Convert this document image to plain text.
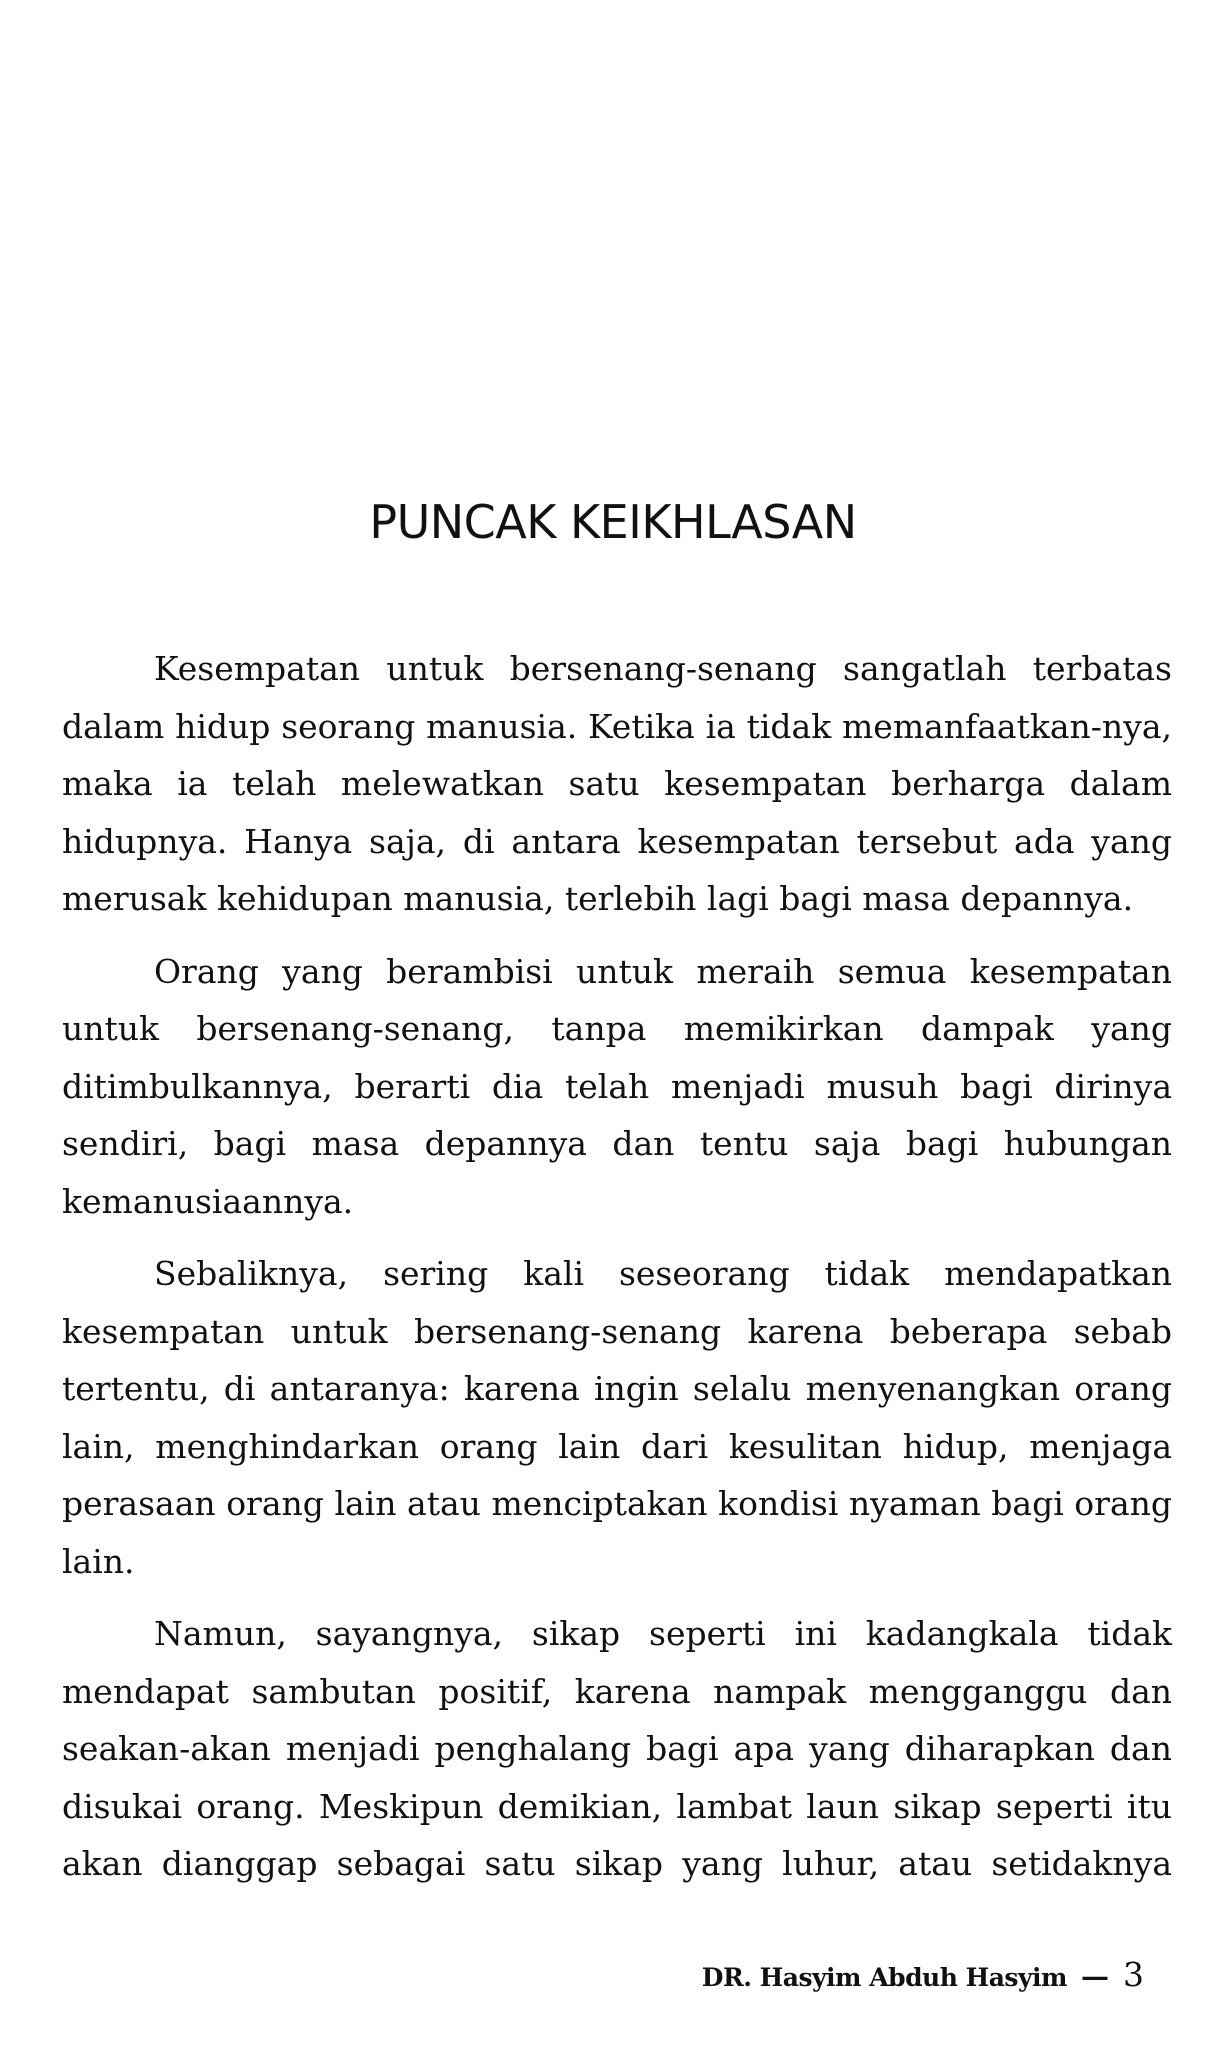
PUNCAK KEIKHLASAN

Kesempatan untuk bersenang-senang sangatlah terbatas dalam hidup seorang manusia. Ketika ia tidak memanfaatkan-nya, maka ia telah melewatkan satu kesempatan berharga dalam hidupnya. Hanya saja, di antara kesempatan tersebut ada yang merusak kehidupan manusia, terlebih lagi bagi masa depannya.

Orang yang berambisi untuk meraih semua kesempatan untuk bersenang-senang, tanpa memikirkan dampak yang ditimbulkannya, berarti dia telah menjadi musuh bagi dirinya sendiri, bagi masa depannya dan tentu saja bagi hubungan kemanusiaannya.

Sebaliknya, sering kali seseorang tidak mendapatkan kesempatan untuk bersenang-senang karena beberapa sebab tertentu, di antaranya: karena ingin selalu menyenangkan orang lain, menghindarkan orang lain dari kesulitan hidup, menjaga perasaan orang lain atau menciptakan kondisi nyaman bagi orang lain.

Namun, sayangnya, sikap seperti ini kadangkala tidak mendapat sambutan positif, karena nampak mengganggu dan seakan-akan menjadi penghalang bagi apa yang diharapkan dan disukai orang. Meskipun demikian, lambat laun sikap seperti itu akan dianggap sebagai satu sikap yang luhur, atau setidaknya

DR. Hasyim Abduh Hasyim — 3
